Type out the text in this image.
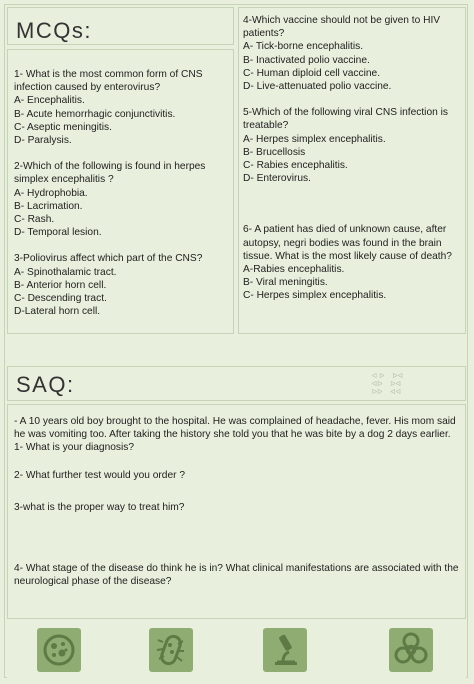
MCQs:
1- What is the most common form of CNS infection caused by enterovirus?
A- Encephalitis.
B- Acute hemorrhagic conjunctivitis.
C- Aseptic meningitis.
D- Paralysis.
2-Which of the following is found in herpes simplex encephalitis ?
A- Hydrophobia.
B- Lacrimation.
C- Rash.
D- Temporal lesion.
3-Poliovirus affect which part of the CNS?
A- Spinothalamic tract.
B- Anterior horn cell.
C- Descending tract.
D-Lateral horn cell.
4-Which vaccine should not be given to HIV patients?
A- Tick-borne encephalitis.
B- Inactivated polio vaccine.
C- Human diploid cell vaccine.
D- Live-attenuated polio vaccine.
5-Which of the following viral CNS infection is treatable?
A- Herpes simplex encephalitis.
B- Brucellosis
C- Rabies encephalitis.
D- Enterovirus.
6- A patient has died of unknown cause, after autopsy, negri bodies was found in the brain tissue. What is the most likely cause of death?
A-Rabies encephalitis.
B- Viral meningitis.
C- Herpes simplex encephalitis.
SAQ:	ᐊ ᐅ    ᐅᐊ
ᐊᐅ    ᐅᐊ
ᐅᐅ    ᐊᐊ
- A 10 years old boy brought to the hospital. He was complained of headache, fever. His mom said he was vomiting too. After taking the history she told you that he was bite by a dog 2 days earlier.
1- What is your diagnosis?
2- What further test would you order ?

3-what is the proper way to treat him?

4- What stage of the disease do think he is in? What clinical manifestations are associated with the neurological phase of the disease?
